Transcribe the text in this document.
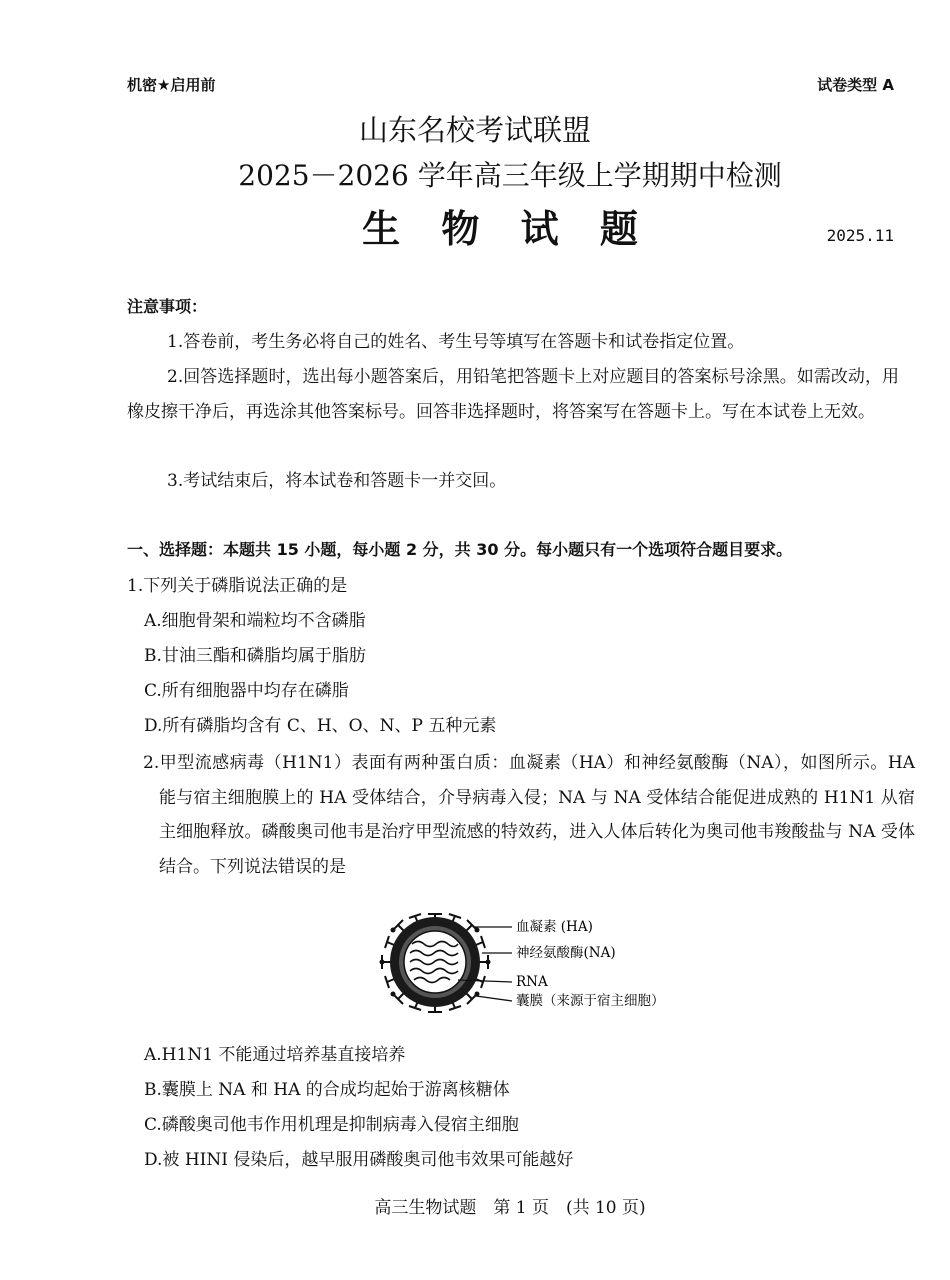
机密★启用前	试卷类型 A
山东名校考试联盟
2025－2026 学年高三年级上学期期中检测
生 物 试 题	2025.11
注意事项：
1.答卷前，考生务必将自己的姓名、考生号等填写在答题卡和试卷指定位置。
2.回答选择题时，选出每小题答案后，用铅笔把答题卡上对应题目的答案标号涂黑。如需改动，用橡皮擦干净后，再选涂其他答案标号。回答非选择题时，将答案写在答题卡上。写在本试卷上无效。
3.考试结束后，将本试卷和答题卡一并交回。
一、选择题：本题共 15 小题，每小题 2 分，共 30 分。每小题只有一个选项符合题目要求。
1.下列关于磷脂说法正确的是
A.细胞骨架和端粒均不含磷脂
B.甘油三酯和磷脂均属于脂肪
C.所有细胞器中均存在磷脂
D.所有磷脂均含有 C、H、O、N、P 五种元素
2.甲型流感病毒（H1N1）表面有两种蛋白质：血凝素（HA）和神经氨酸酶（NA），如图所示。HA 能与宿主细胞膜上的 HA 受体结合，介导病毒入侵；NA 与 NA 受体结合能促进成熟的 H1N1 从宿主细胞释放。磷酸奥司他韦是治疗甲型流感的特效药，进入人体后转化为奥司他韦羧酸盐与 NA 受体结合。下列说法错误的是
血凝素 (HA)
神经氨酸酶(NA)
RNA
囊膜（来源于宿主细胞）
A.H1N1 不能通过培养基直接培养
B.囊膜上 NA 和 HA 的合成均起始于游离核糖体
C.磷酸奥司他韦作用机理是抑制病毒入侵宿主细胞
D.被 HINI 侵染后，越早服用磷酸奥司他韦效果可能越好
高三生物试题　第 1 页　(共 10 页)
